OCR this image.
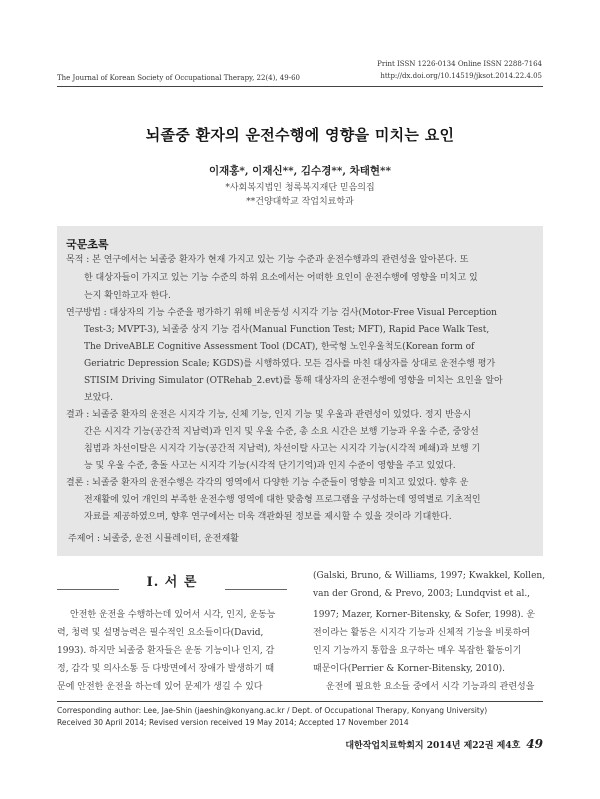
Print ISSN 1226-0134 Online ISSN 2288-7164
http://dx.doi.org/10.14519/jksot.2014.22.4.05
The Journal of Korean Society of Occupational Therapy, 22(4), 49-60
뇌졸중 환자의 운전수행에 영향을 미치는 요인
이재홍*, 이재신**, 김수경**, 차태현**
*사회복지법인 청록복지재단 믿음의집
**건양대학교 작업치료학과
국문초록
목적 : 본 연구에서는 뇌졸중 환자가 현재 가지고 있는 기능 수준과 운전수행과의 관련성을 알아본다. 또
한 대상자들이 가지고 있는 기능 수준의 하위 요소에서는 어떠한 요인이 운전수행에 영향을 미치고 있
는지 확인하고자 한다.
연구방법 : 대상자의 기능 수준을 평가하기 위해 비운동성 시지각 기능 검사(Motor-Free Visual Perception
Test-3; MVPT-3), 뇌졸중 상지 기능 검사(Manual Function Test; MFT), Rapid Pace Walk Test,
The DriveABLE Cognitive Assessment Tool (DCAT), 한국형 노인우울척도(Korean form of
Geriatric Depression Scale; KGDS)를 시행하였다. 모든 검사를 마친 대상자를 상대로 운전수행 평가
STISIM Driving Simulator (OTRehab_2.evt)를 통해 대상자의 운전수행에 영향을 미치는 요인을 알아
보았다.
결과 : 뇌졸중 환자의 운전은 시지각 기능, 신체 기능, 인지 기능 및 우울과 관련성이 있었다. 정지 반응시
간은 시지각 기능(공간적 지남력)과 인지 및 우울 수준, 총 소요 시간은 보행 기능과 우울 수준, 중앙선
침범과 차선이탈은 시지각 기능(공간적 지남력), 차선이탈 사고는 시지각 기능(시각적 폐쇄)과 보행 기
능 및 우울 수준, 충돌 사고는 시지각 기능(시각적 단기기억)과 인지 수준이 영향을 주고 있었다.
결론 : 뇌졸중 환자의 운전수행은 각각의 영역에서 다양한 기능 수준들이 영향을 미치고 있었다. 향후 운
전재활에 있어 개인의 부족한 운전수행 영역에 대한 맞춤형 프로그램을 구성하는데 영역별로 기초적인
자료를 제공하였으며, 향후 연구에서는 더욱 객관화된 정보를 제시할 수 있을 것이라 기대한다.
주제어 : 뇌졸중, 운전 시뮬레이터, 운전재활
I. 서 론
안전한 운전을 수행하는데 있어서 시각, 인지, 운동능
력, 청력 및 설명능력은 필수적인 요소들이다(David,
1993). 하지만 뇌졸중 환자들은 운동 기능이나 인지, 감
정, 감각 및 의사소통 등 다방면에서 장애가 발생하기 때
문에 안전한 운전을 하는데 있어 문제가 생길 수 있다
(Galski, Bruno, & Williams, 1997; Kwakkel, Kollen,
van der Grond, & Prevo, 2003; Lundqvist et al.,
1997; Mazer, Korner-Bitensky, & Sofer, 1998). 운
전이라는 활동은 시지각 기능과 신체적 기능을 비롯하여
인지 기능까지 통합을 요구하는 매우 복잡한 활동이기
때문이다(Perrier & Korner-Bitensky, 2010).
운전에 필요한 요소들 중에서 시각 기능과의 관련성을
Corresponding author: Lee, Jae-Shin (jaeshin@konyang.ac.kr / Dept. of Occupational Therapy, Konyang University)
Received 30 April 2014; Revised version received 19 May 2014; Accepted 17 November 2014
대한작업치료학회지 2014년 제22권 제4호 49
